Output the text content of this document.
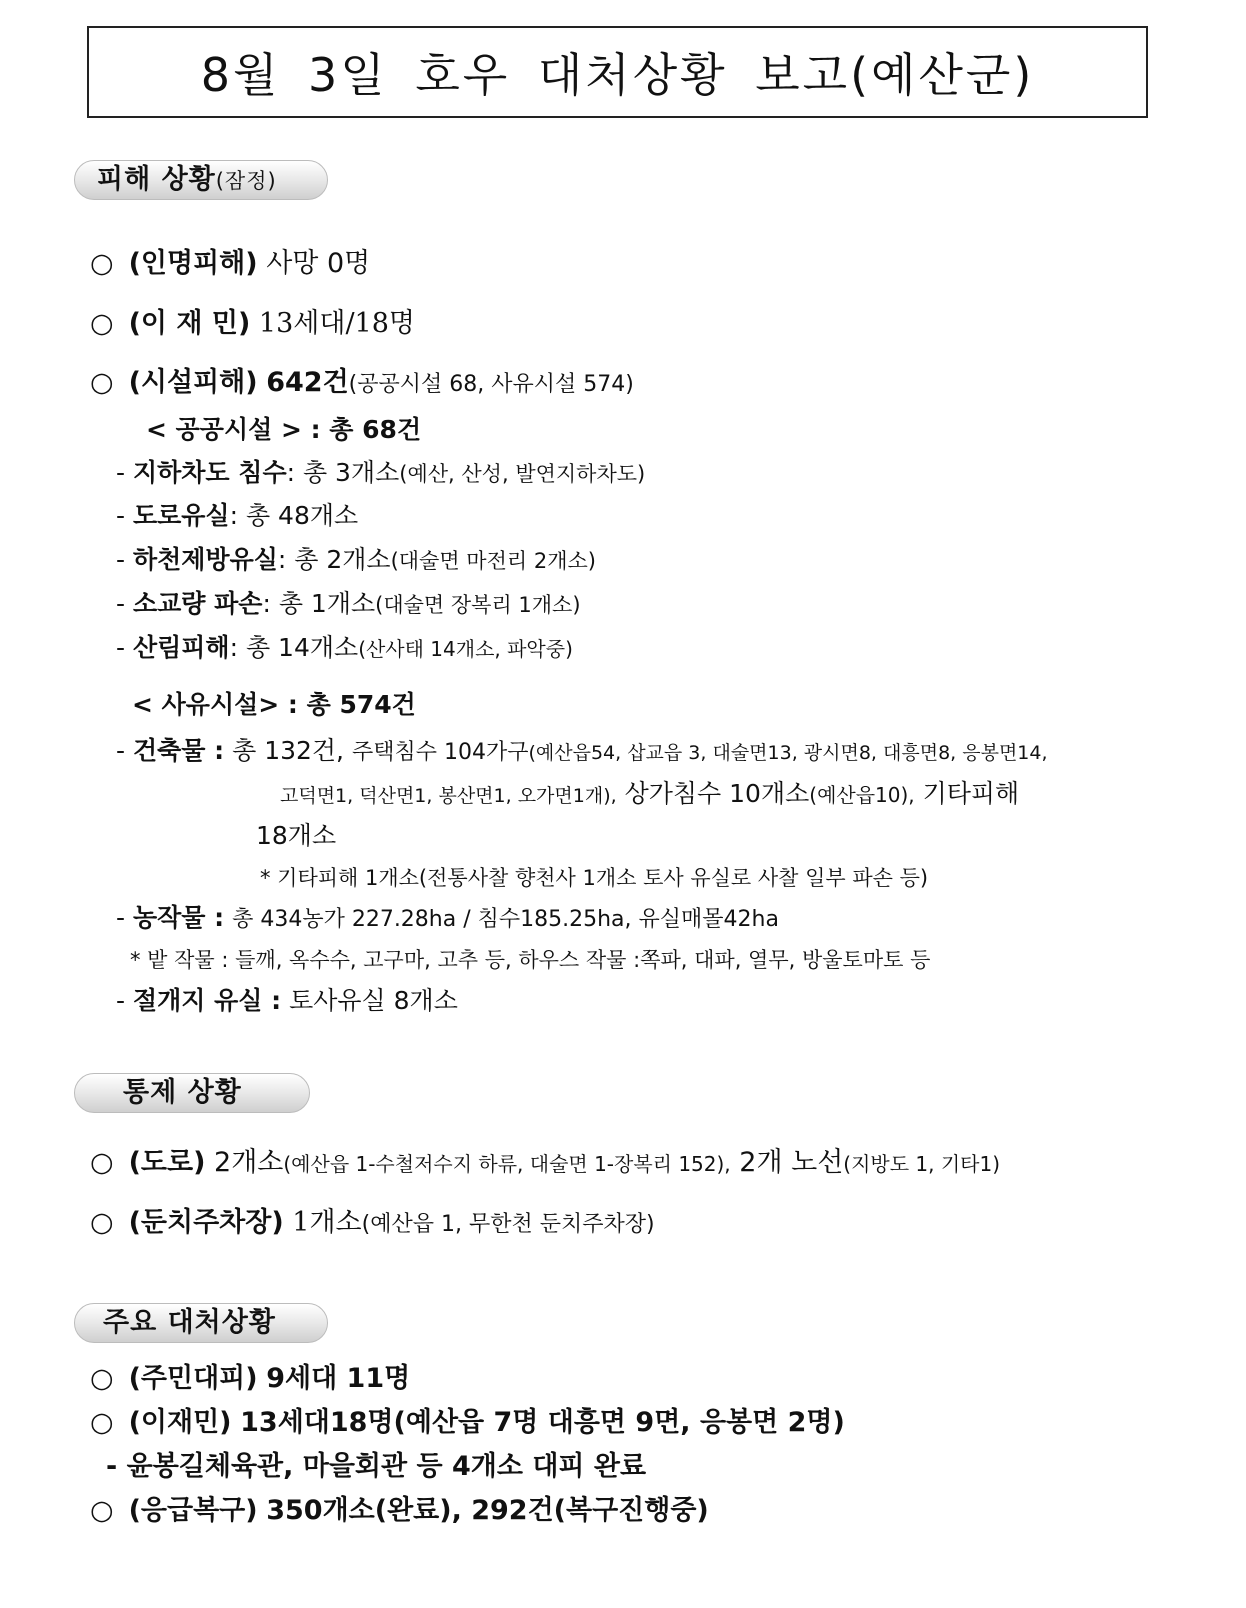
8월 3일 호우 대처상황 보고(예산군)
피해 상황(잠정)
○ (인명피해) 사망 0명
○ (이 재 민) 13세대/18명
○ (시설피해) 642건(공공시설 68, 사유시설 574)
< 공공시설 > : 총 68건
- 지하차도 침수: 총 3개소(예산, 산성, 발연지하차도)
- 도로유실: 총 48개소
- 하천제방유실: 총 2개소(대술면 마전리 2개소)
- 소교량 파손: 총 1개소(대술면 장복리 1개소)
- 산림피해: 총 14개소(산사태 14개소, 파악중)
< 사유시설> : 총 574건
- 건축물 : 총 132건, 주택침수 104가구(예산읍54, 삽교읍 3, 대술면13, 광시면8, 대흥면8, 응봉면14,
고덕면1, 덕산면1, 봉산면1, 오가면1개), 상가침수 10개소(예산읍10), 기타피해
18개소
* 기타피해 1개소(전통사찰 향천사 1개소 토사 유실로 사찰 일부 파손 등)
- 농작물 : 총 434농가 227.28ha / 침수185.25ha, 유실매몰42ha
* 밭 작물 : 들깨, 옥수수, 고구마, 고추 등, 하우스 작물 :쪽파, 대파, 열무, 방울토마토 등
- 절개지 유실 : 토사유실 8개소
통제 상황
○ (도로) 2개소(예산읍 1-수철저수지 하류, 대술면 1-장복리 152), 2개 노선(지방도 1, 기타1)
○ (둔치주차장) 1개소(예산읍 1, 무한천 둔치주차장)
주요 대처상황
○ (주민대피) 9세대 11명
○ (이재민) 13세대18명(예산읍 7명 대흥면 9면, 응봉면 2명)
- 윤봉길체육관, 마을회관 등 4개소 대피 완료
○ (응급복구) 350개소(완료), 292건(복구진행중)
